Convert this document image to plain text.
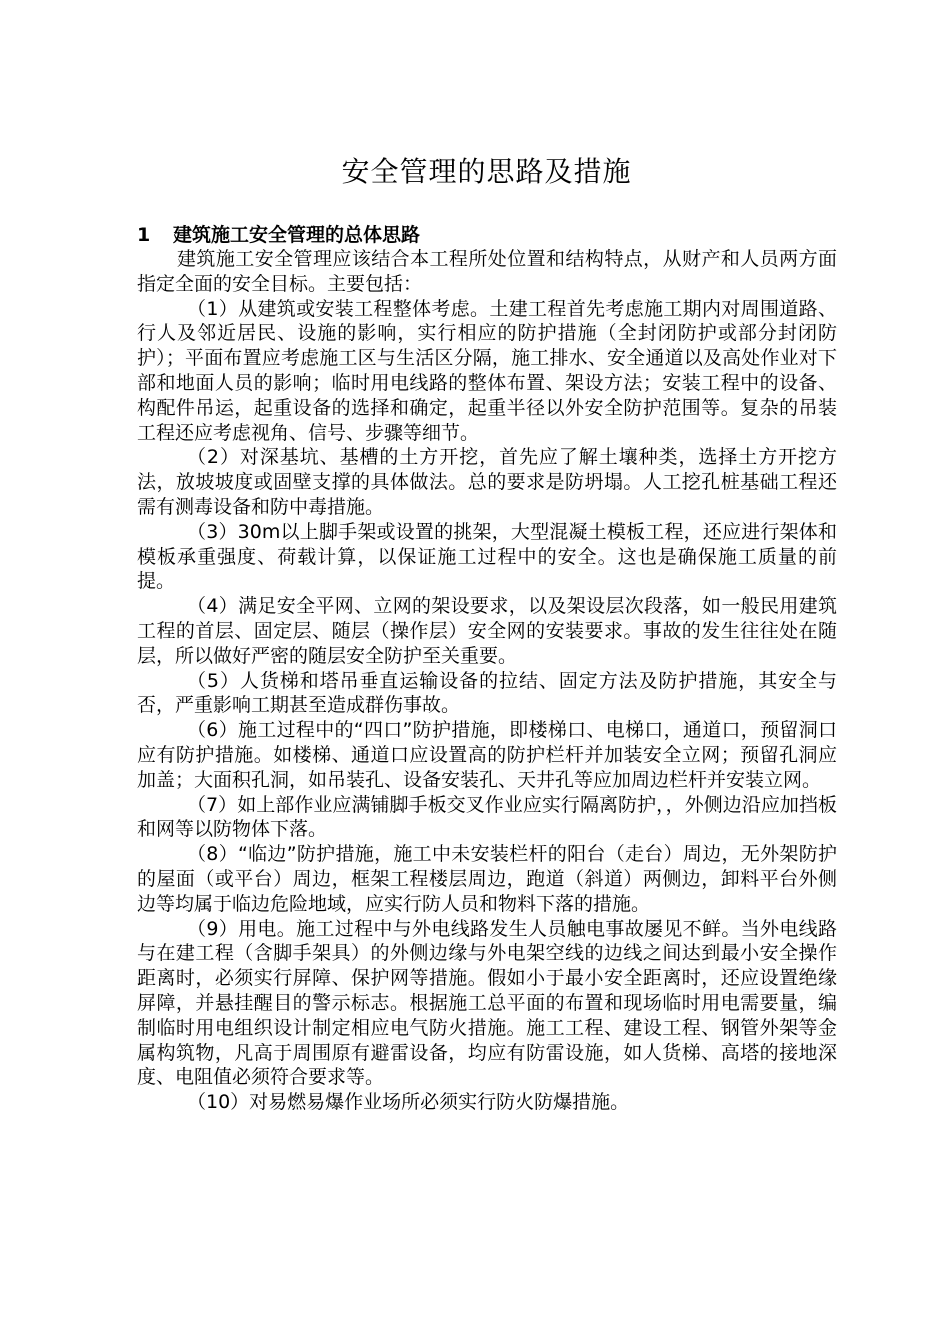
安全管理的思路及措施
1 建筑施工安全管理的总体思路

建筑施工安全管理应该结合本工程所处位置和结构特点，从财产和人员两方面指定全面的安全目标。主要包括：

（1）从建筑或安装工程整体考虑。土建工程首先考虑施工期内对周围道路、行人及邻近居民、设施的影响，实行相应的防护措施（全封闭防护或部分封闭防护）；平面布置应考虑施工区与生活区分隔，施工排水、安全通道以及高处作业对下部和地面人员的影响；临时用电线路的整体布置、架设方法；安装工程中的设备、构配件吊运，起重设备的选择和确定，起重半径以外安全防护范围等。复杂的吊装工程还应考虑视角、信号、步骤等细节。

（2）对深基坑、基槽的土方开挖，首先应了解土壤种类，选择土方开挖方法，放坡坡度或固壁支撑的具体做法。总的要求是防坍塌。人工挖孔桩基础工程还需有测毒设备和防中毒措施。

（3）30m以上脚手架或设置的挑架，大型混凝土模板工程，还应进行架体和模板承重强度、荷载计算，以保证施工过程中的安全。这也是确保施工质量的前提。

（4）满足安全平网、立网的架设要求，以及架设层次段落，如一般民用建筑工程的首层、固定层、随层（操作层）安全网的安装要求。事故的发生往往处在随层，所以做好严密的随层安全防护至关重要。

（5）人货梯和塔吊垂直运输设备的拉结、固定方法及防护措施，其安全与否，严重影响工期甚至造成群伤事故。

（6）施工过程中的“四口”防护措施，即楼梯口、电梯口，通道口，预留洞口应有防护措施。如楼梯、通道口应设置高的防护栏杆并加装安全立网；预留孔洞应加盖；大面积孔洞，如吊装孔、设备安装孔、天井孔等应加周边栏杆并安装立网。

（7）如上部作业应满铺脚手板交叉作业应实行隔离防护，，外侧边沿应加挡板和网等以防物体下落。

（8）“临边”防护措施，施工中未安装栏杆的阳台（走台）周边，无外架防护的屋面（或平台）周边，框架工程楼层周边，跑道（斜道）两侧边，卸料平台外侧边等均属于临边危险地域，应实行防人员和物料下落的措施。

（9）用电。施工过程中与外电线路发生人员触电事故屡见不鲜。当外电线路与在建工程（含脚手架具）的外侧边缘与外电架空线的边线之间达到最小安全操作距离时，必须实行屏障、保护网等措施。假如小于最小安全距离时，还应设置绝缘屏障，并悬挂醒目的警示标志。根据施工总平面的布置和现场临时用电需要量，编制临时用电组织设计制定相应电气防火措施。施工工程、建设工程、钢管外架等金属构筑物，凡高于周围原有避雷设备，均应有防雷设施，如人货梯、高塔的接地深度、电阻值必须符合要求等。

（10）对易燃易爆作业场所必须实行防火防爆措施。
